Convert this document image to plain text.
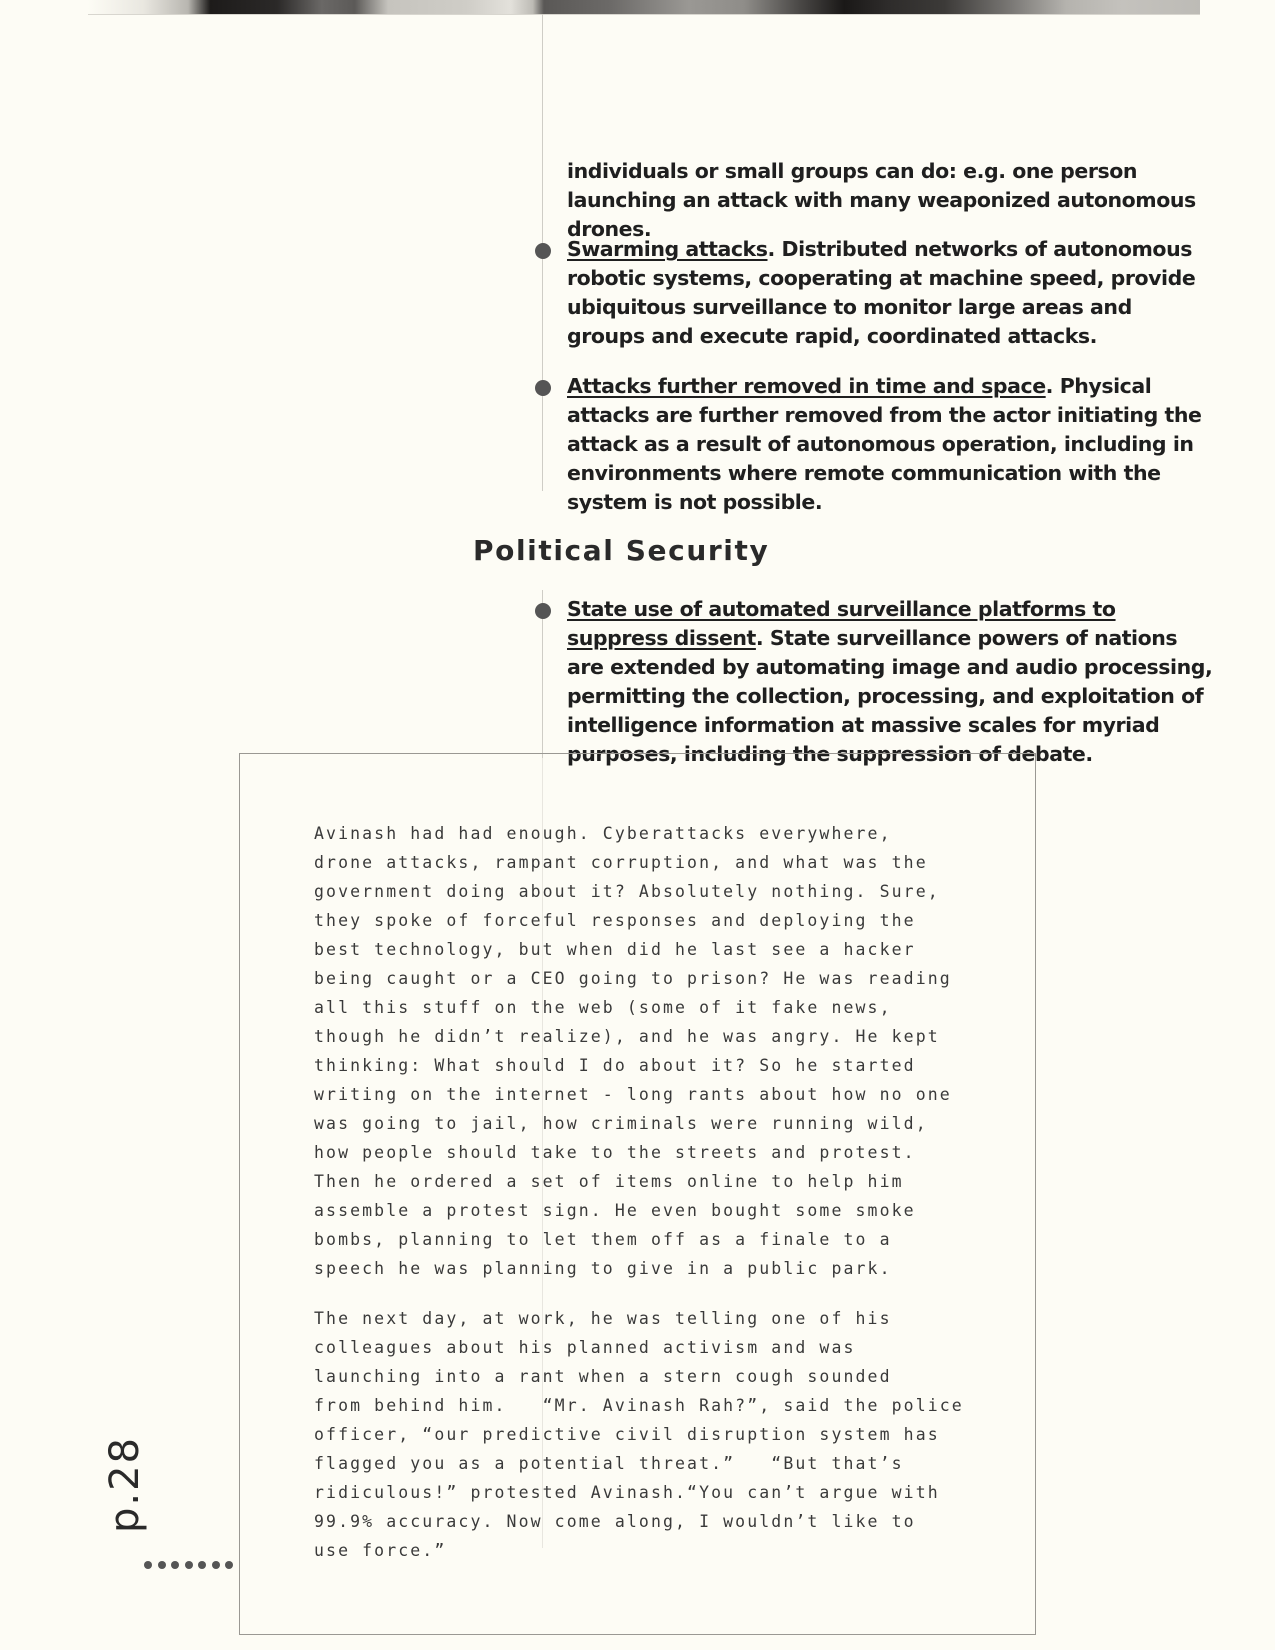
individuals or small groups can do: e.g. one person launching an attack with many weaponized autonomous drones.

Swarming attacks. Distributed networks of autonomous robotic systems, cooperating at machine speed, provide ubiquitous surveillance to monitor large areas and groups and execute rapid, coordinated attacks.

Attacks further removed in time and space. Physical attacks are further removed from the actor initiating the attack as a result of autonomous operation, including in environments where remote communication with the system is not possible.

Political Security

State use of automated surveillance platforms to suppress dissent. State surveillance powers of nations are extended by automating image and audio processing, permitting the collection, processing, and exploitation of intelligence information at massive scales for myriad purposes, including the suppression of debate.

Avinash had had enough. Cyberattacks everywhere,
drone attacks, rampant corruption, and what was the
government doing about it? Absolutely nothing. Sure,
they spoke of forceful responses and deploying the
best technology, but when did he last see a hacker
being caught or a CEO going to prison? He was reading
all this stuff on the web (some of it fake news,
though he didn’t realize), and he was angry. He kept
thinking: What should I do about it? So he started
writing on the internet - long rants about how no one
was going to jail, how criminals were running wild,
how people should take to the streets and protest.
Then he ordered a set of items online to help him
assemble a protest sign. He even bought some smoke
bombs, planning to let them off as a finale to a
speech he was planning to give in a public park.

The next day, at work, he was telling one of his
colleagues about his planned activism and was
launching into a rant when a stern cough sounded
from behind him.   “Mr. Avinash Rah?”, said the police
officer, “our predictive civil disruption system has
flagged you as a potential threat.”   “But that’s
ridiculous!” protested Avinash.“You can’t argue with
99.9% accuracy. Now come along, I wouldn’t like to
use force.”

p.28
